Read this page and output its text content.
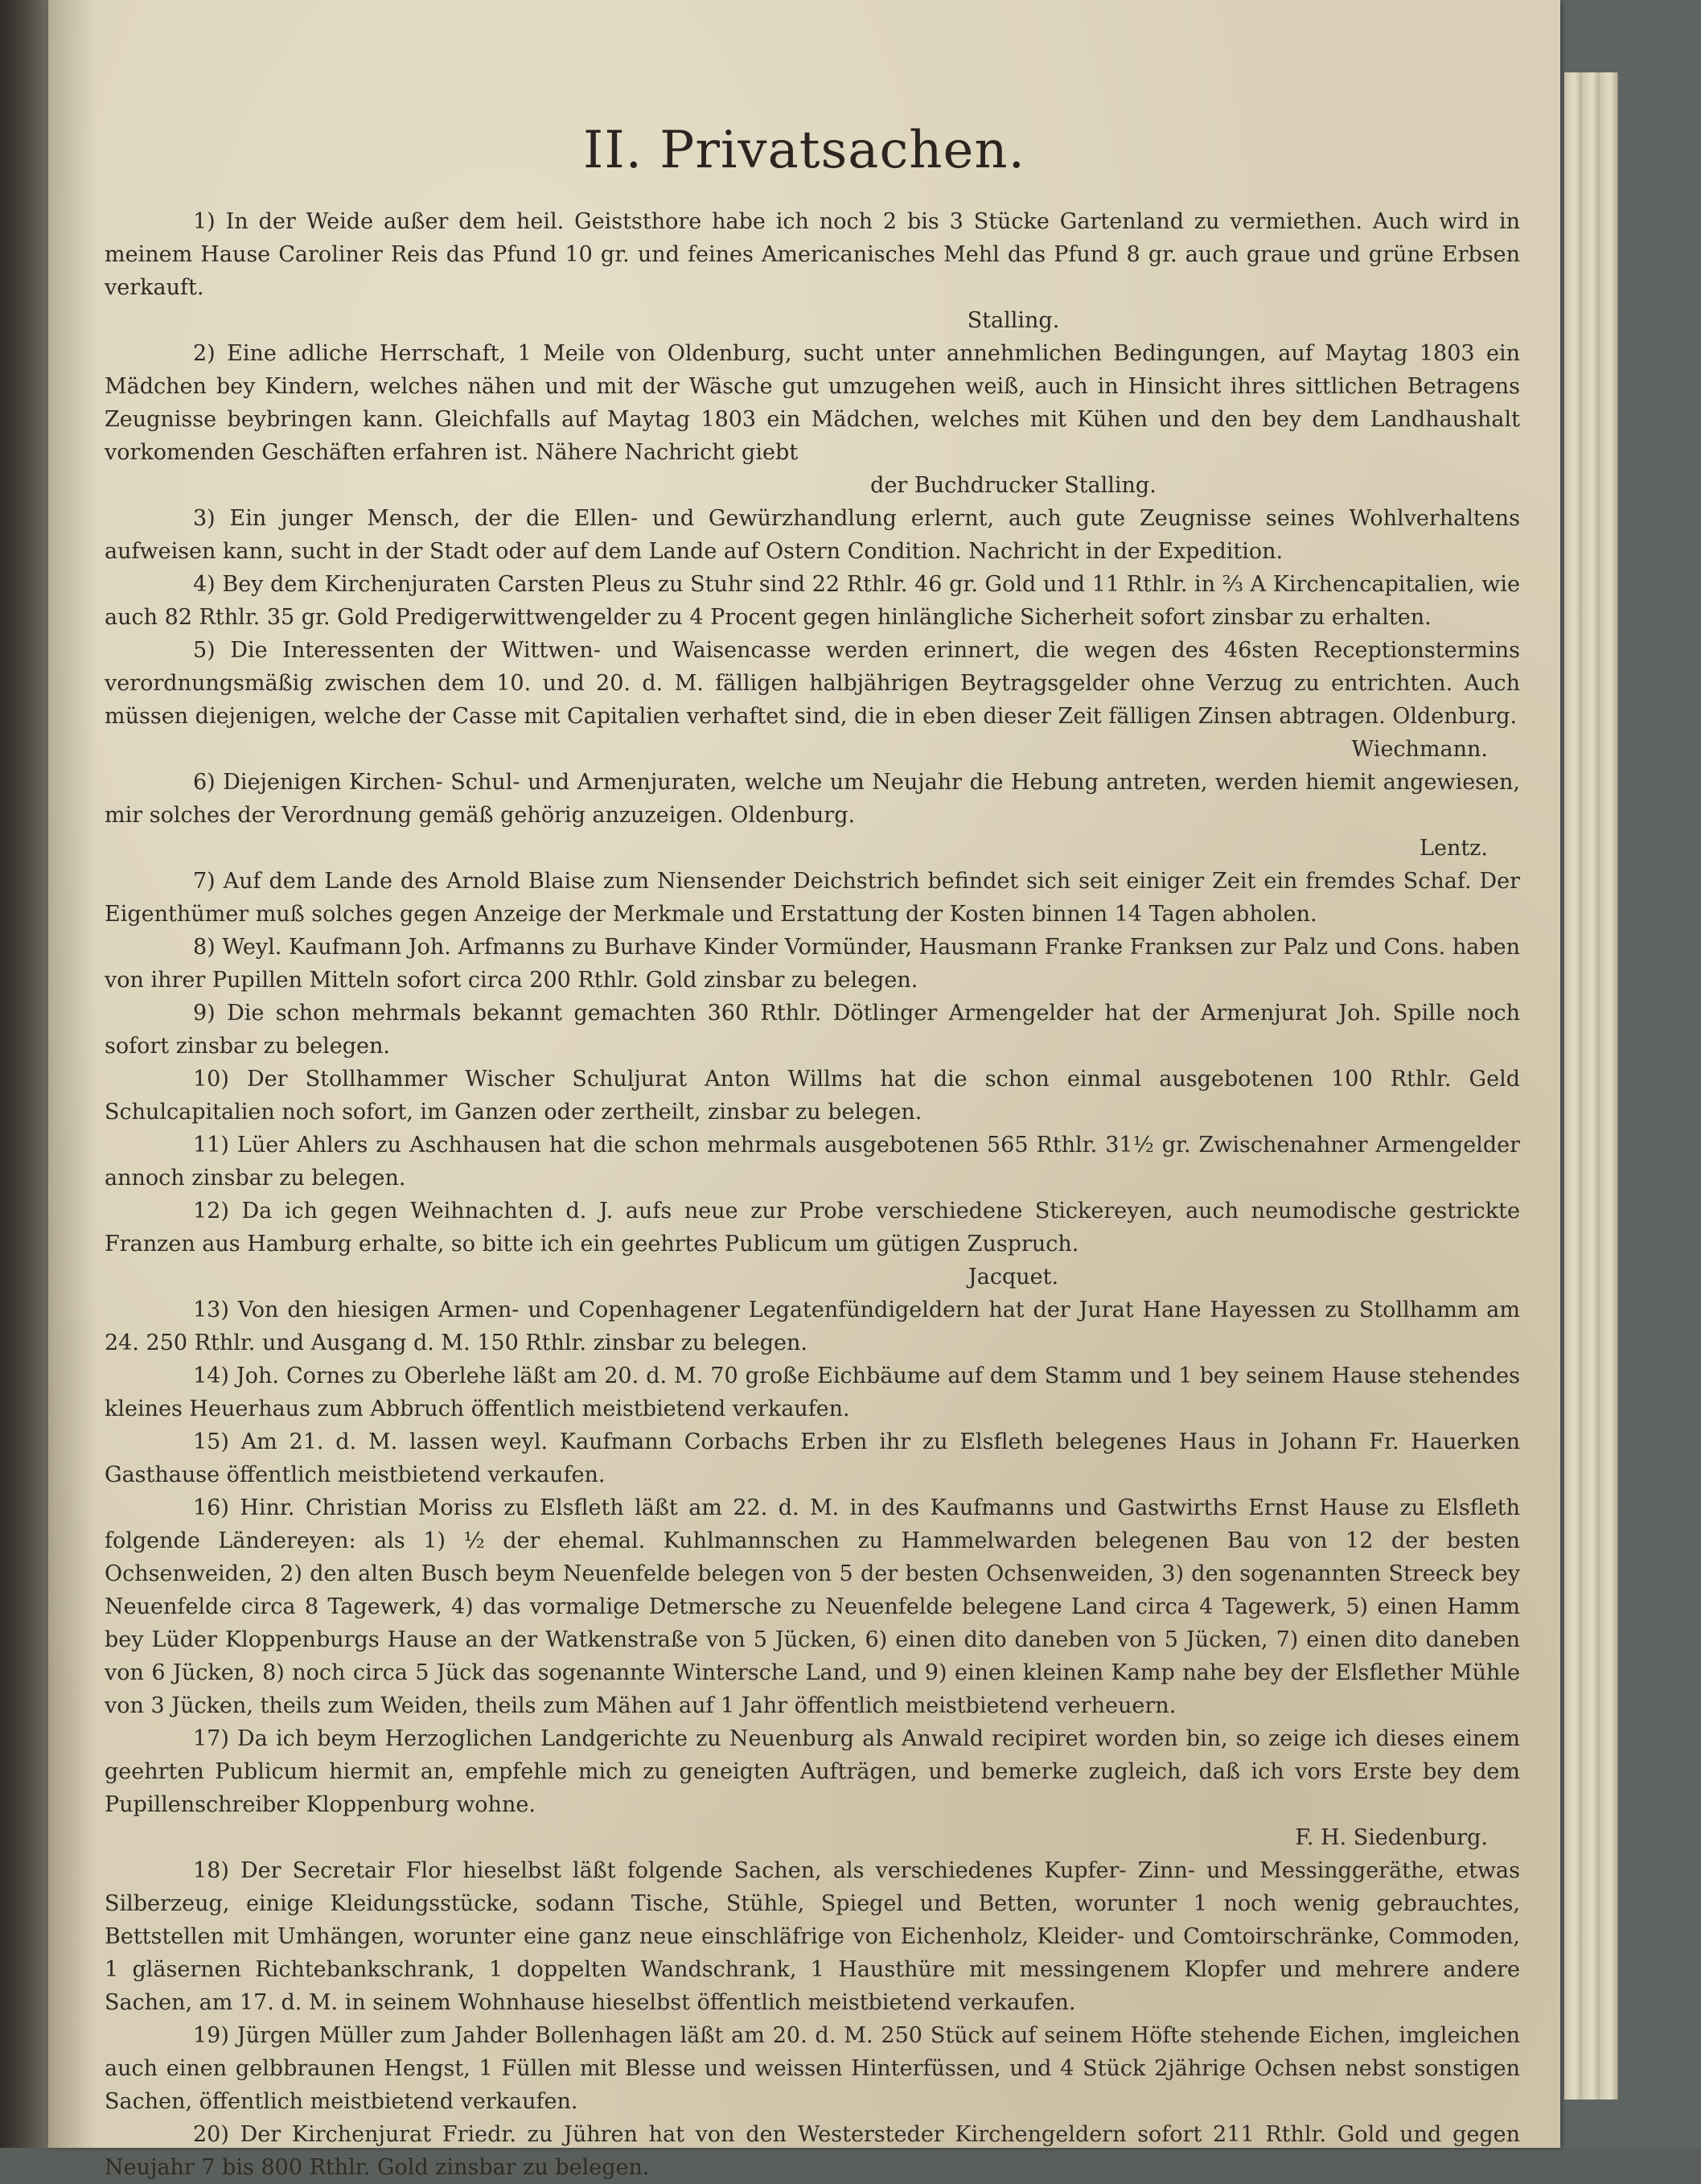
II. Privatsachen.

1) In der Weide außer dem heil. Geiststhore habe ich noch 2 bis 3 Stücke Gartenland zu vermiethen. Auch wird in meinem Hause Caroliner Reis das Pfund 10 gr. und feines Americanisches Mehl das Pfund 8 gr. auch graue und grüne Erbsen verkauft.

Stalling.

2) Eine adliche Herrschaft, 1 Meile von Oldenburg, sucht unter annehmlichen Bedingungen, auf Maytag 1803 ein Mädchen bey Kindern, welches nähen und mit der Wäsche gut umzugehen weiß, auch in Hinsicht ihres sittlichen Betragens Zeugnisse beybringen kann. Gleichfalls auf Maytag 1803 ein Mädchen, welches mit Kühen und den bey dem Landhaushalt vorkomenden Geschäften erfahren ist. Nähere Nachricht giebt

der Buchdrucker Stalling.

3) Ein junger Mensch, der die Ellen- und Gewürzhandlung erlernt, auch gute Zeugnisse seines Wohlverhaltens aufweisen kann, sucht in der Stadt oder auf dem Lande auf Ostern Condition. Nachricht in der Expedition.

4) Bey dem Kirchenjuraten Carsten Pleus zu Stuhr sind 22 Rthlr. 46 gr. Gold und 11 Rthlr. in ⅔ A Kirchencapitalien, wie auch 82 Rthlr. 35 gr. Gold Predigerwittwengelder zu 4 Procent gegen hinlängliche Sicherheit sofort zinsbar zu erhalten.

5) Die Interessenten der Wittwen- und Waisencasse werden erinnert, die wegen des 46sten Receptionstermins verordnungsmäßig zwischen dem 10. und 20. d. M. fälligen halbjährigen Beytragsgelder ohne Verzug zu entrichten. Auch müssen diejenigen, welche der Casse mit Capitalien verhaftet sind, die in eben dieser Zeit fälligen Zinsen abtragen. Oldenburg.

Wiechmann.

6) Diejenigen Kirchen- Schul- und Armenjuraten, welche um Neujahr die Hebung antreten, werden hiemit angewiesen, mir solches der Verordnung gemäß gehörig anzuzeigen. Oldenburg.

Lentz.

7) Auf dem Lande des Arnold Blaise zum Niensender Deichstrich befindet sich seit einiger Zeit ein fremdes Schaf. Der Eigenthümer muß solches gegen Anzeige der Merkmale und Erstattung der Kosten binnen 14 Tagen abholen.

8) Weyl. Kaufmann Joh. Arfmanns zu Burhave Kinder Vormünder, Hausmann Franke Franksen zur Palz und Cons. haben von ihrer Pupillen Mitteln sofort circa 200 Rthlr. Gold zinsbar zu belegen.

9) Die schon mehrmals bekannt gemachten 360 Rthlr. Dötlinger Armengelder hat der Armenjurat Joh. Spille noch sofort zinsbar zu belegen.

10) Der Stollhammer Wischer Schuljurat Anton Willms hat die schon einmal ausgebotenen 100 Rthlr. Geld Schulcapitalien noch sofort, im Ganzen oder zertheilt, zinsbar zu belegen.

11) Lüer Ahlers zu Aschhausen hat die schon mehrmals ausgebotenen 565 Rthlr. 31½ gr. Zwischenahner Armengelder annoch zinsbar zu belegen.

12) Da ich gegen Weihnachten d. J. aufs neue zur Probe verschiedene Stickereyen, auch neumodische gestrickte Franzen aus Hamburg erhalte, so bitte ich ein geehrtes Publicum um gütigen Zuspruch.

Jacquet.

13) Von den hiesigen Armen- und Copenhagener Legatenfündigeldern hat der Jurat Hane Hayessen zu Stollhamm am 24. 250 Rthlr. und Ausgang d. M. 150 Rthlr. zinsbar zu belegen.

14) Joh. Cornes zu Oberlehe läßt am 20. d. M. 70 große Eichbäume auf dem Stamm und 1 bey seinem Hause stehendes kleines Heuerhaus zum Abbruch öffentlich meistbietend verkaufen.

15) Am 21. d. M. lassen weyl. Kaufmann Corbachs Erben ihr zu Elsfleth belegenes Haus in Johann Fr. Hauerken Gasthause öffentlich meistbietend verkaufen.

16) Hinr. Christian Moriss zu Elsfleth läßt am 22. d. M. in des Kaufmanns und Gastwirths Ernst Hause zu Elsfleth folgende Ländereyen: als 1) ½ der ehemal. Kuhlmannschen zu Hammelwarden belegenen Bau von 12 der besten Ochsenweiden, 2) den alten Busch beym Neuenfelde belegen von 5 der besten Ochsenweiden, 3) den sogenannten Streeck bey Neuenfelde circa 8 Tagewerk, 4) das vormalige Detmersche zu Neuenfelde belegene Land circa 4 Tagewerk, 5) einen Hamm bey Lüder Kloppenburgs Hause an der Watkenstraße von 5 Jücken, 6) einen dito daneben von 5 Jücken, 7) einen dito daneben von 6 Jücken, 8) noch circa 5 Jück das sogenannte Wintersche Land, und 9) einen kleinen Kamp nahe bey der Elsflether Mühle von 3 Jücken, theils zum Weiden, theils zum Mähen auf 1 Jahr öffentlich meistbietend verheuern.

17) Da ich beym Herzoglichen Landgerichte zu Neuenburg als Anwald recipiret worden bin, so zeige ich dieses einem geehrten Publicum hiermit an, empfehle mich zu geneigten Aufträgen, und bemerke zugleich, daß ich vors Erste bey dem Pupillenschreiber Kloppenburg wohne.

F. H. Siedenburg.

18) Der Secretair Flor hieselbst läßt folgende Sachen, als verschiedenes Kupfer- Zinn- und Messinggeräthe, etwas Silberzeug, einige Kleidungsstücke, sodann Tische, Stühle, Spiegel und Betten, worunter 1 noch wenig gebrauchtes, Bettstellen mit Umhängen, worunter eine ganz neue einschläfrige von Eichenholz, Kleider- und Comtoirschränke, Commoden, 1 gläsernen Richtebankschrank, 1 doppelten Wandschrank, 1 Hausthüre mit messingenem Klopfer und mehrere andere Sachen, am 17. d. M. in seinem Wohnhause hieselbst öffentlich meistbietend verkaufen.

19) Jürgen Müller zum Jahder Bollenhagen läßt am 20. d. M. 250 Stück auf seinem Höfte stehende Eichen, imgleichen auch einen gelbbraunen Hengst, 1 Füllen mit Blesse und weissen Hinterfüssen, und 4 Stück 2jährige Ochsen nebst sonstigen Sachen, öffentlich meistbietend verkaufen.

20) Der Kirchenjurat Friedr. zu Jühren hat von den Westersteder Kirchengeldern sofort 211 Rthlr. Gold und gegen Neujahr 7 bis 800 Rthlr. Gold zinsbar zu belegen.
